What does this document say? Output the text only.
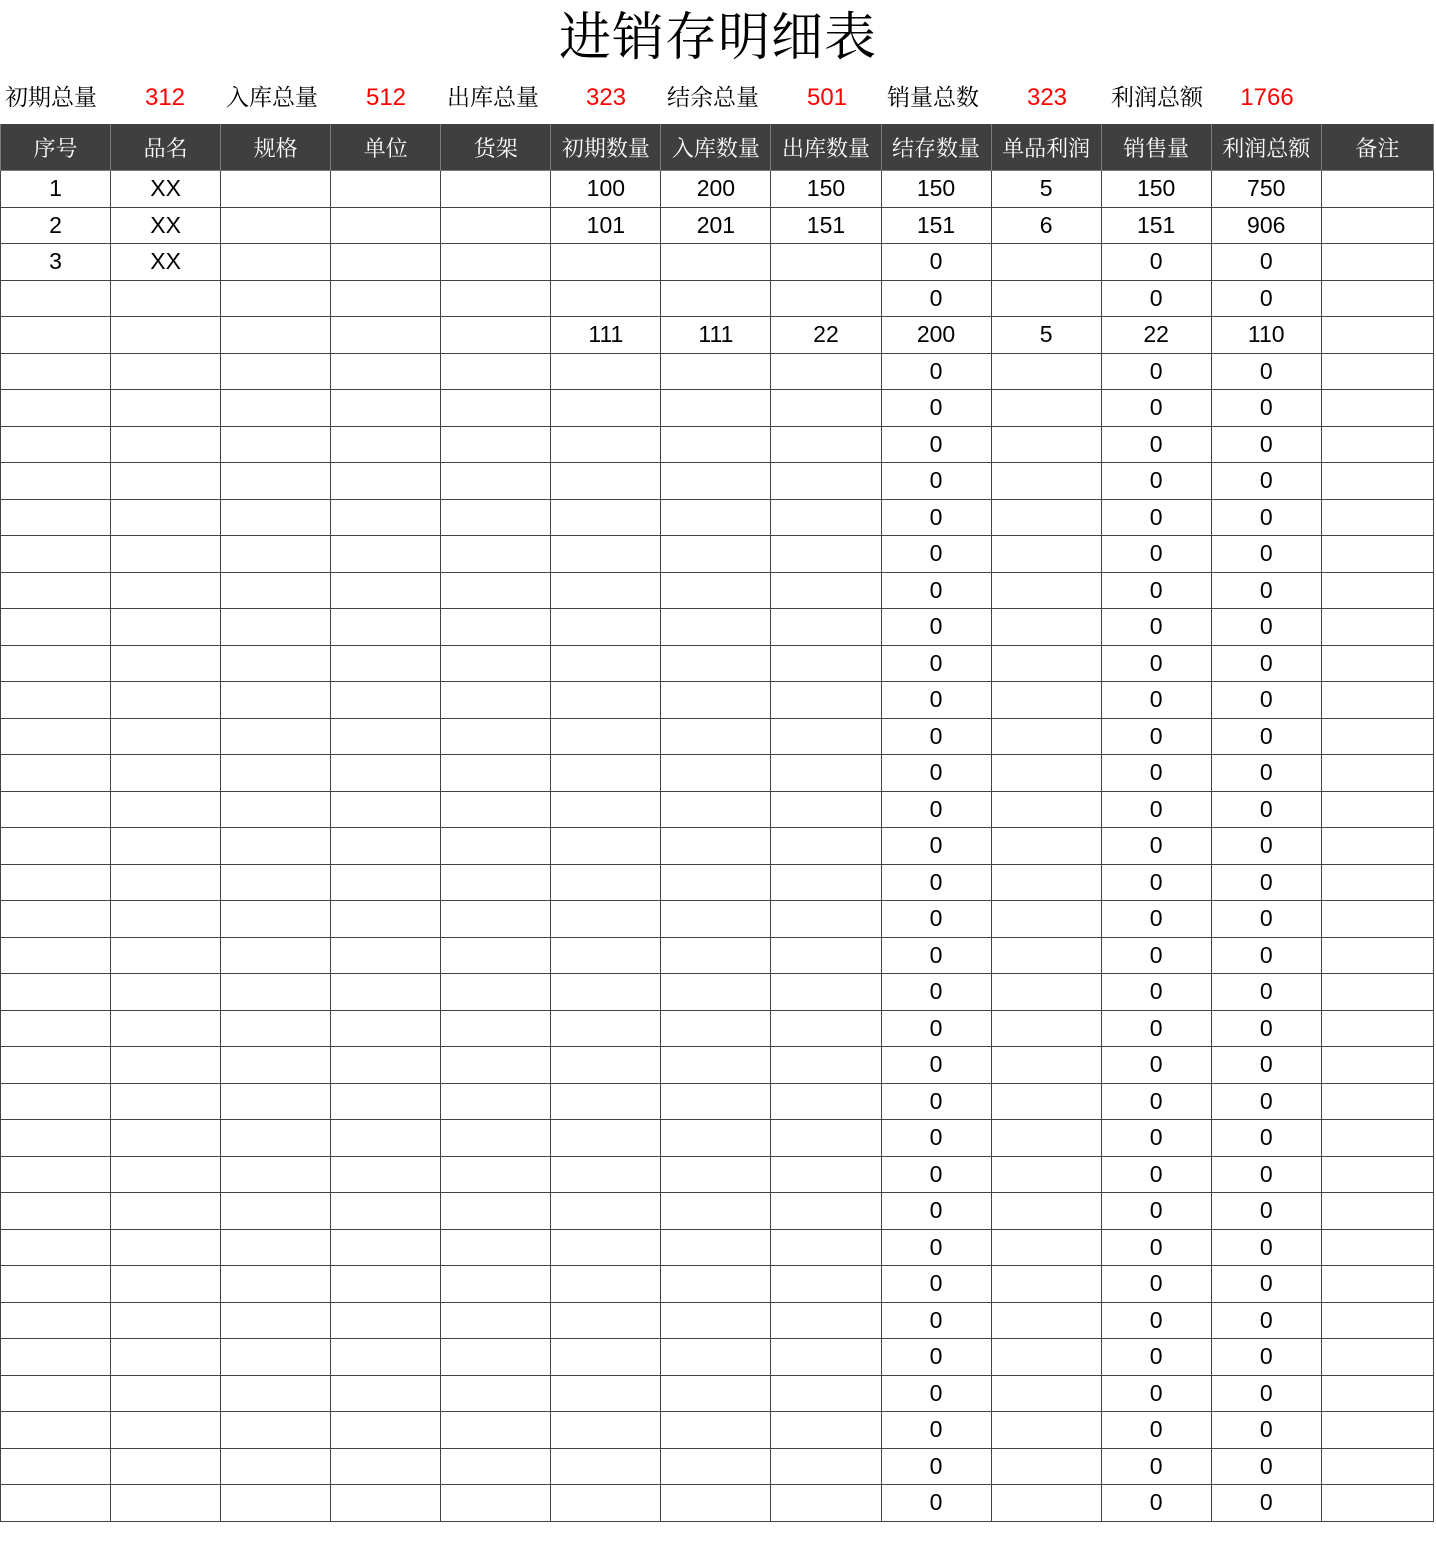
进销存明细表
初期总量	312	入库总量	512	出库总量	323	结余总量	501	销量总数	323	利润总额	1766
序号	品名	规格	单位	货架	初期数量	入库数量	出库数量	结存数量	单品利润	销售量	利润总额	备注
1	XX				100	200	150	150	5	150	750	
2	XX				101	201	151	151	6	151	906	
3	XX							0		0	0	
								0		0	0	
					111	111	22	200	5	22	110	
								0		0	0	
								0		0	0	
								0		0	0	
								0		0	0	
								0		0	0	
								0		0	0	
								0		0	0	
								0		0	0	
								0		0	0	
								0		0	0	
								0		0	0	
								0		0	0	
								0		0	0	
								0		0	0	
								0		0	0	
								0		0	0	
								0		0	0	
								0		0	0	
								0		0	0	
								0		0	0	
								0		0	0	
								0		0	0	
								0		0	0	
								0		0	0	
								0		0	0	
								0		0	0	
								0		0	0	
								0		0	0	
								0		0	0	
								0		0	0	
								0		0	0	
								0		0	0	
